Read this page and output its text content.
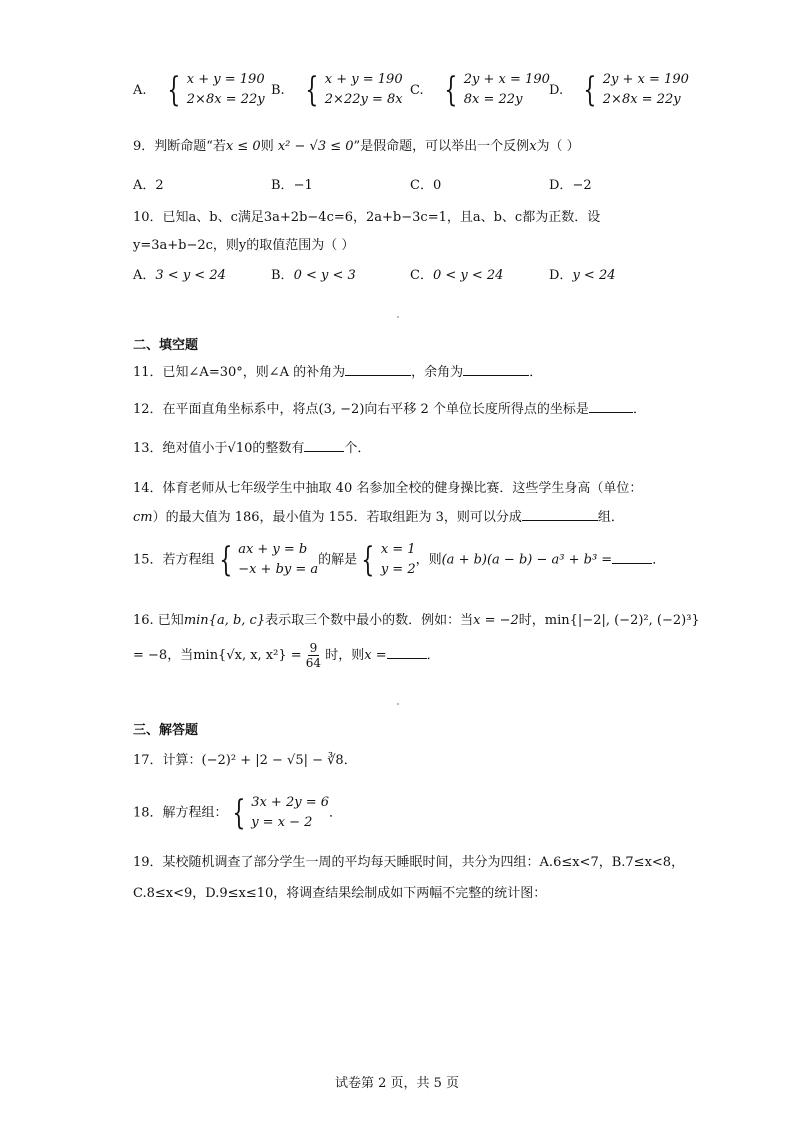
A. { x + y = 190
2×8x = 22y
B. { x + y = 190
2×22y = 8x
C. { 2y + x = 190
8x = 22y
D. { 2y + x = 190
2×8x = 22y
9．判断命题“若x ≤ 0则 x² − √3 ≤ 0”是假命题，可以举出一个反例x为（ ）
A．2	B．−1	C．0	D．−2
10．已知a、b、c满足3a+2b−4c=6，2a+b−3c=1，且a、b、c都为正数．设
y=3a+b−2c，则y的取值范围为（ ）
A．3 < y < 24	B．0 < y < 3	C．0 < y < 24	D．y < 24
二、填空题
11．已知∠A=30°，则∠A 的补角为	，余角为	．
12．在平面直角坐标系中，将点(3, −2)向右平移 2 个单位长度所得点的坐标是	．
13．绝对值小于√10的整数有	个．
14．体育老师从七年级学生中抽取 40 名参加全校的健身操比赛．这些学生身高（单位：
cm）的最大值为 186，最小值为 155．若取组距为 3，则可以分成	组．
15．若方程组 { ax + y = b
−x + by = a
的解是 { x = 1
y = 2
，则(a + b)(a − b) − a³ + b³ =	．
16. 已知min{a, b, c}表示取三个数中最小的数．例如：当x = −2时，min{|−2|, (−2)², (−2)³}
= −8，当min{√x, x, $x^2\} = \frac{9}{64}$ 时，则x =	．
三、解答题
17．计算：(−2)² + |2 − √5| − ∛8．
18．解方程组： { 3x + 2y = 6
y = x − 2
．
19．某校随机调查了部分学生一周的平均每天睡眠时间，共分为四组：A.6≤x<7，B.7≤x<8，
C.8≤x<9，D.9≤x≤10，将调查结果绘制成如下两幅不完整的统计图：
试卷第 2 页，共 5 页
